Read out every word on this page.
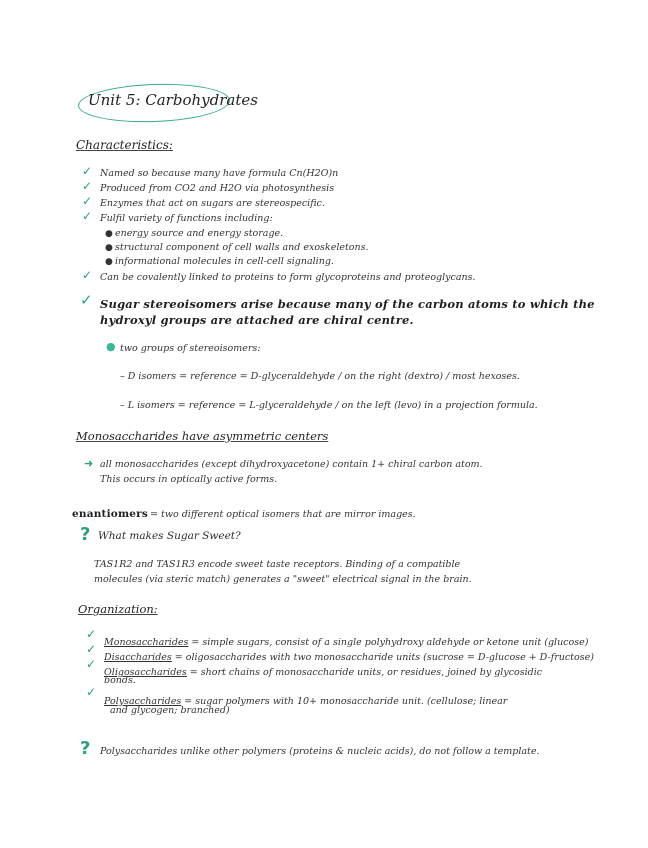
Unit 5: Carbohydrates
Characteristics:
✓ Named so because many have formula Cn(H2O)n
✓ Produced from CO2 and H2O via photosynthesis
✓ Enzymes that act on sugars are stereospecific.
✓ Fulfil variety of functions including:
● energy source and energy storage.
● structural component of cell walls and exoskeletons.
● informational molecules in cell-cell signaling.
✓ Can be covalently linked to proteins to form glycoproteins and proteoglycans.
✓ Sugar stereoisomers arise because many of the carbon atoms to which the
hydroxyl groups are attached are chiral centre.
● two groups of stereoisomers:
– D isomers = reference = D-glyceraldehyde / on the right (dextro) / most hexoses.
– L isomers = reference = L-glyceraldehyde / on the left (levo) in a projection formula.
Monosaccharides have asymmetric centers
➜ all monosaccharides (except dihydroxyacetone) contain 1+ chiral carbon atom.
This occurs in optically active forms.
enantiomers = two different optical isomers that are mirror images.
? What makes Sugar Sweet?
TAS1R2 and TAS1R3 encode sweet taste receptors. Binding of a compatible
molecules (via steric match) generates a "sweet" electrical signal in the brain.
Organization:
✓
Monosaccharides = simple sugars, consist of a single polyhydroxy aldehyde or ketone unit (glucose)
✓
Disaccharides = oligosaccharides with two monosaccharide units (sucrose = D-glucose + D-fructose)
✓
Oligosaccharides = short chains of monosaccharide units, or residues, joined by glycosidic
bonds.
✓
Polysaccharides = sugar polymers with 10+ monosaccharide unit. (cellulose; linear
and glycogen; branched)
? Polysaccharides unlike other polymers (proteins & nucleic acids), do not follow a template.
